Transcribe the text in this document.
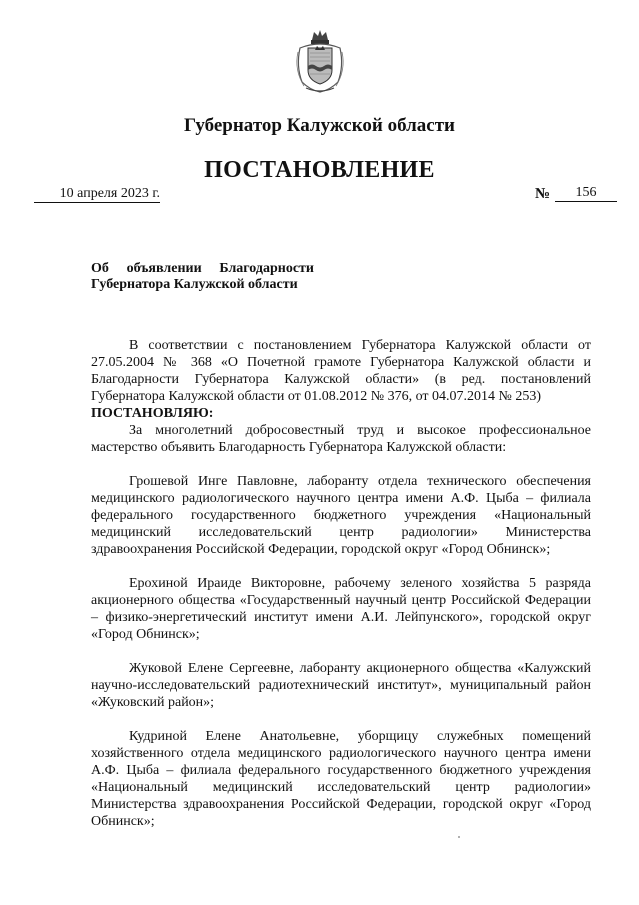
Губернатор Калужской области
ПОСТАНОВЛЕНИЕ
10 апреля 2023 г.	№	156
Об объявлении Благодарности
Губернатора Калужской области

В соответствии с постановлением Губернатора Калужской области от 27.05.2004 № 368 «О Почетной грамоте Губернатора Калужской области и Благодарности Губернатора Калужской области» (в ред. постановлений Губернатора Калужской области от 01.08.2012 № 376, от 04.07.2014 № 253)

ПОСТАНОВЛЯЮ:

За многолетний добросовестный труд и высокое профессиональное мастерство объявить Благодарность Губернатора Калужской области:

Грошевой Инге Павловне, лаборанту отдела технического обеспечения медицинского радиологического научного центра имени А.Ф. Цыба – филиала федерального государственного бюджетного учреждения «Национальный медицинский исследовательский центр радиологии» Министерства здравоохранения Российской Федерации, городской округ «Город Обнинск»;

Ерохиной Ираиде Викторовне, рабочему зеленого хозяйства 5 разряда акционерного общества «Государственный научный центр Российской Федерации – физико-энергетический институт имени А.И. Лейпунского», городской округ «Город Обнинск»;

Жуковой Елене Сергеевне, лаборанту акционерного общества «Калужский научно-исследовательский радиотехнический институт», муниципальный район «Жуковский район»;

Кудриной Елене Анатольевне, уборщицу служебных помещений хозяйственного отдела медицинского радиологического научного центра имени А.Ф. Цыба – филиала федерального государственного бюджетного учреждения «Национальный медицинский исследовательский центр радиологии» Министерства здравоохранения Российской Федерации, городской округ «Город Обнинск»;
